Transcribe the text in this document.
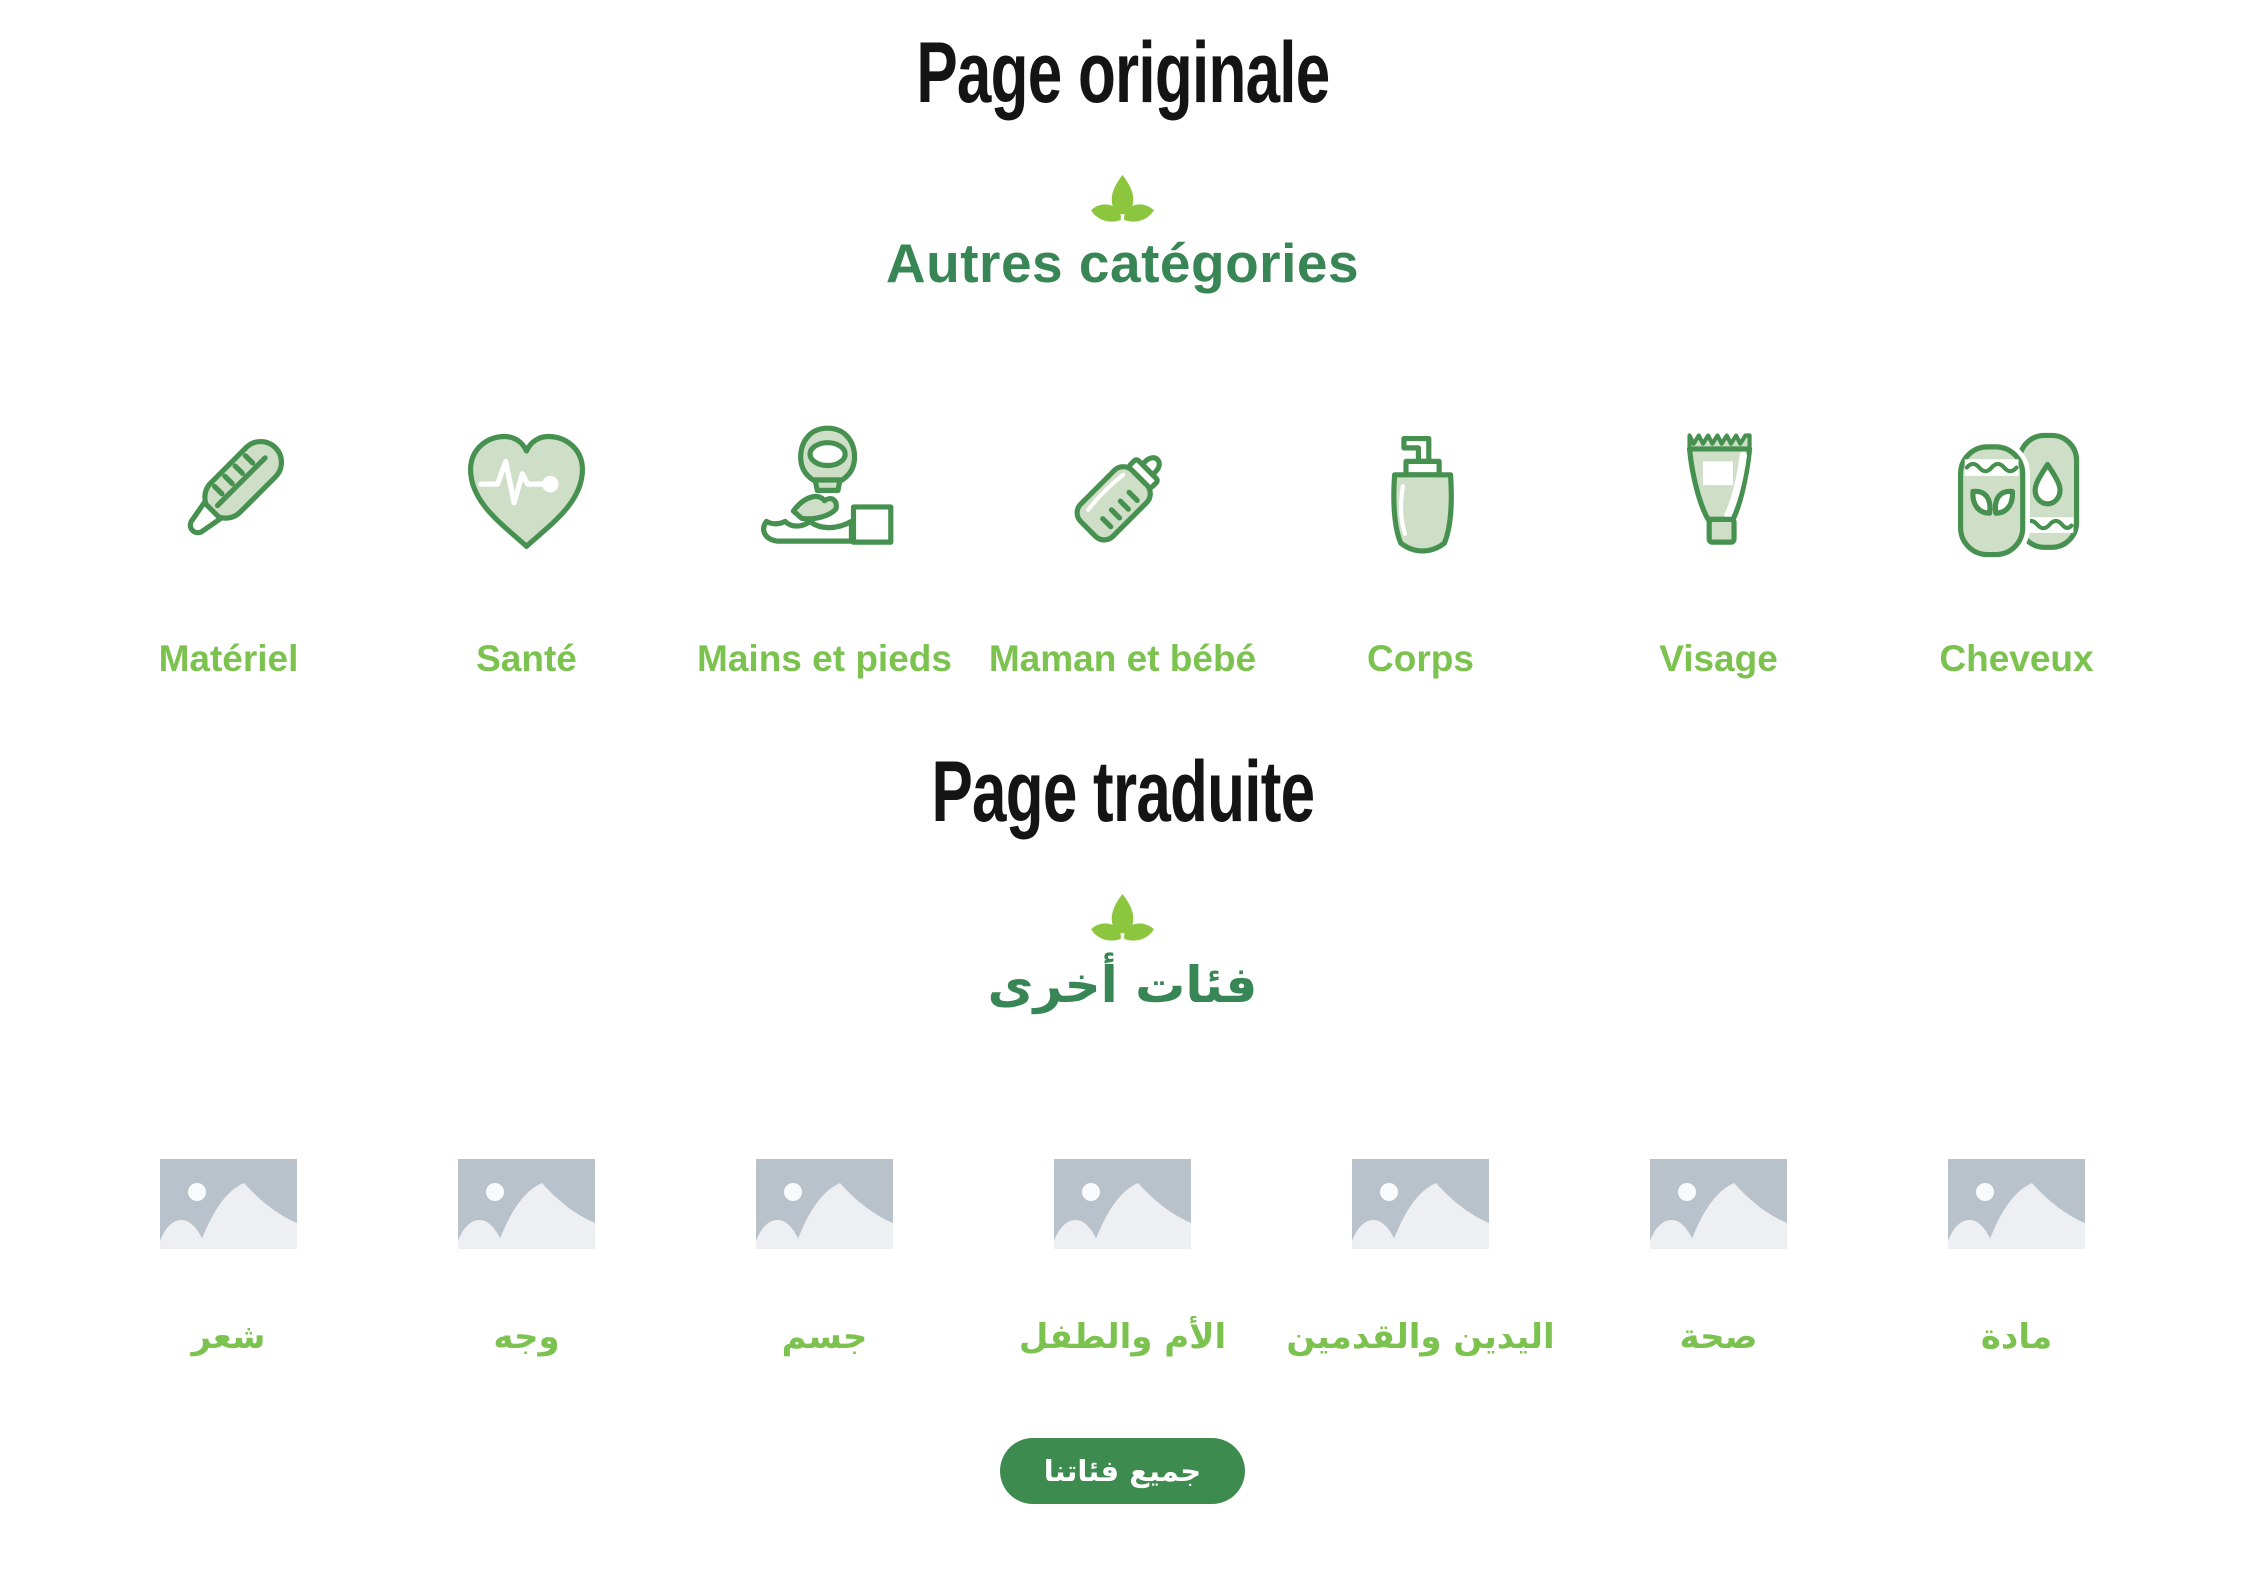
Page originale
Autres catégories
Matériel	Santé	Mains et pieds Maman et bébé	Corps	Visage	Cheveux
Page traduite
فئات أخرى
شعر	وجه	جسم	الأم والطفل اليدين والقدمين	صحة	مادة
جميع فئاتنا
